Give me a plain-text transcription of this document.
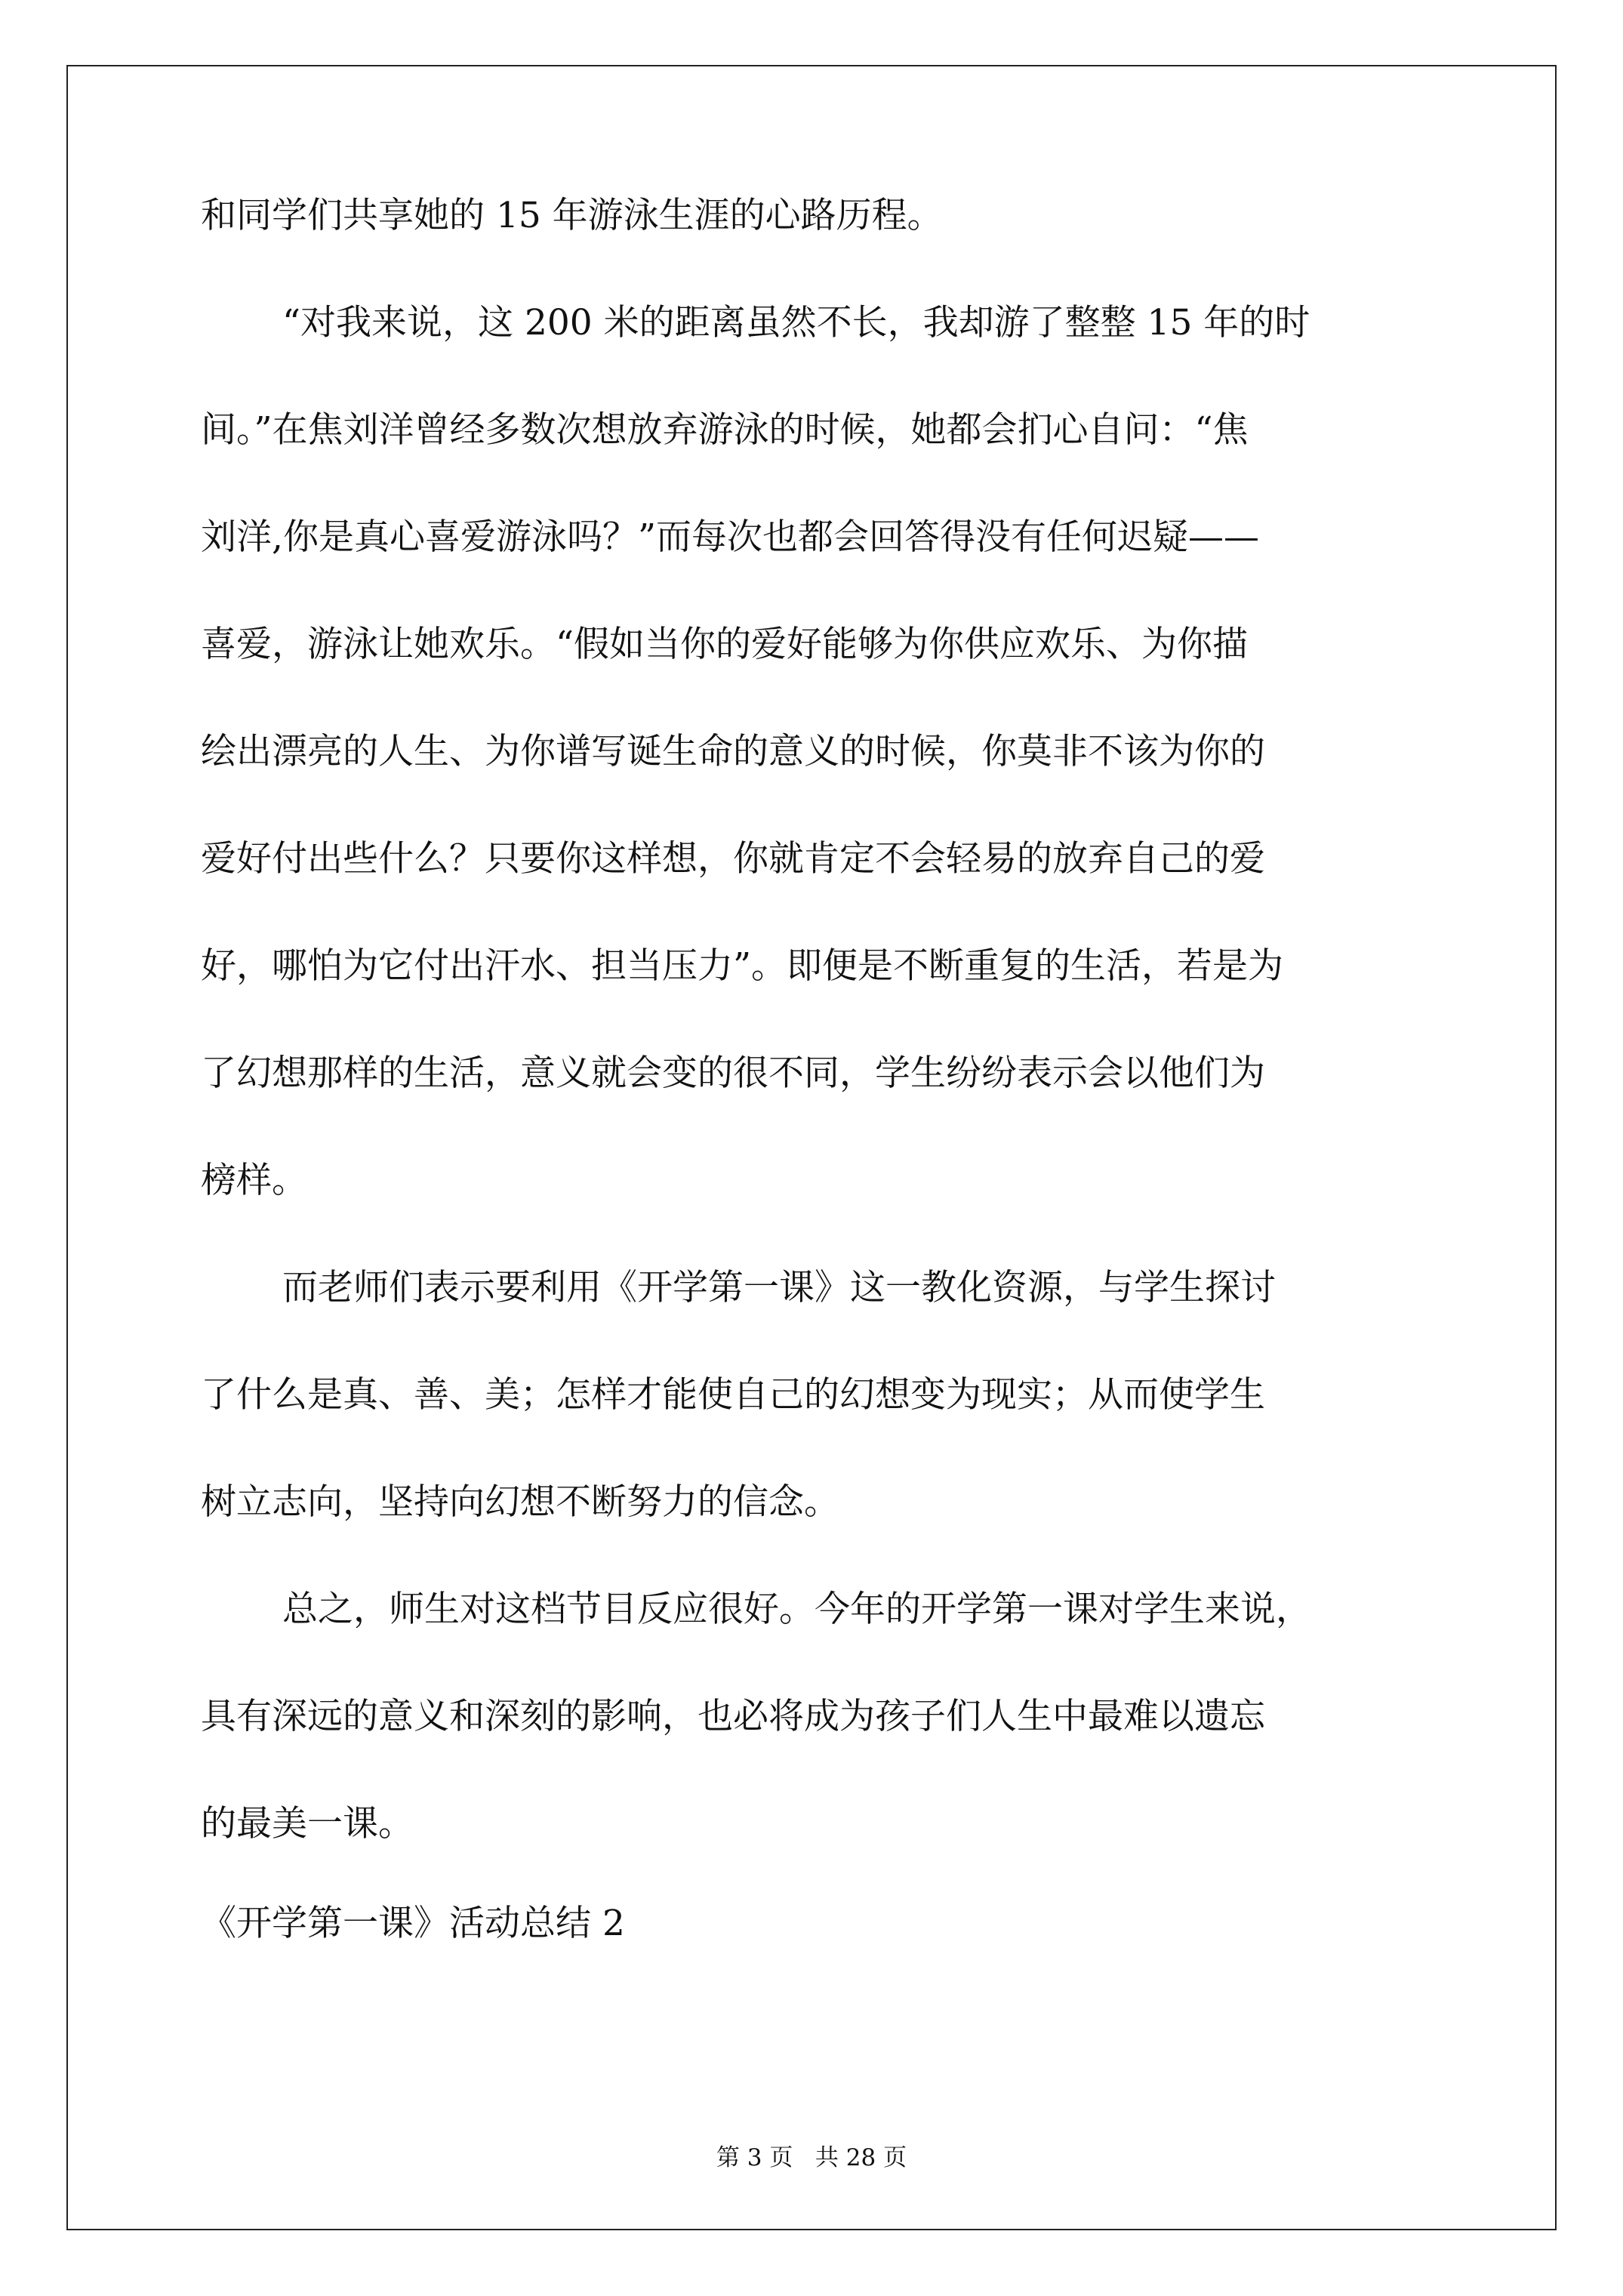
和同学们共享她的 15 年游泳生涯的心路历程。
“对我来说，这 200 米的距离虽然不长，我却游了整整 15 年的时
间。”在焦刘洋曾经多数次想放弃游泳的时候，她都会扪心自问：“焦
刘洋,你是真心喜爱游泳吗？”而每次也都会回答得没有任何迟疑——
喜爱，游泳让她欢乐。“假如当你的爱好能够为你供应欢乐、为你描
绘出漂亮的人生、为你谱写诞生命的意义的时候，你莫非不该为你的
爱好付出些什么？只要你这样想，你就肯定不会轻易的放弃自己的爱
好，哪怕为它付出汗水、担当压力”。即便是不断重复的生活，若是为
了幻想那样的生活，意义就会变的很不同，学生纷纷表示会以他们为
榜样。
而老师们表示要利用《开学第一课》这一教化资源，与学生探讨
了什么是真、善、美；怎样才能使自己的幻想变为现实；从而使学生
树立志向，坚持向幻想不断努力的信念。
总之，师生对这档节目反应很好。今年的开学第一课对学生来说，
具有深远的意义和深刻的影响，也必将成为孩子们人生中最难以遗忘
的最美一课。
《开学第一课》活动总结 2
第 3 页   共 28 页
